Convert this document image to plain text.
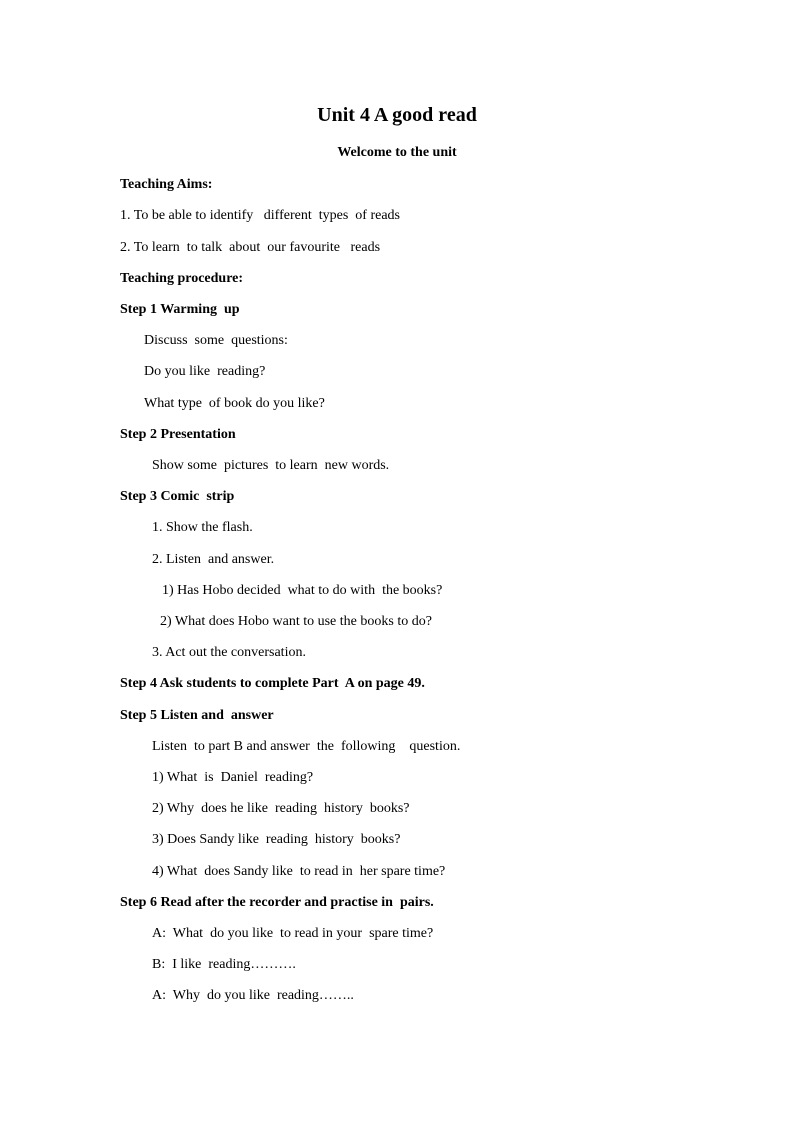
Unit 4 A good read
Welcome to the unit
Teaching Aims:
1. To be able to identify   different  types  of reads
2. To learn  to talk  about  our favourite   reads
Teaching procedure:
Step 1 Warming  up
Discuss  some  questions:
Do you like  reading?
What type  of book do you like?
Step 2 Presentation
Show some  pictures  to learn  new words.
Step 3 Comic  strip
1. Show the flash.
2. Listen  and answer.
1) Has Hobo decided  what to do with  the books?
2) What does Hobo want to use the books to do?
3. Act out the conversation.
Step 4 Ask students to complete Part  A on page 49.
Step 5 Listen and  answer
Listen  to part B and answer  the  following    question.
1) What  is  Daniel  reading?
2) Why  does he like  reading  history  books?
3) Does Sandy like  reading  history  books?
4) What  does Sandy like  to read in  her spare time?
Step 6 Read after the recorder and practise in  pairs.
A:  What  do you like  to read in your  spare time?
B:  I like  reading……….
A:  Why  do you like  reading……..
